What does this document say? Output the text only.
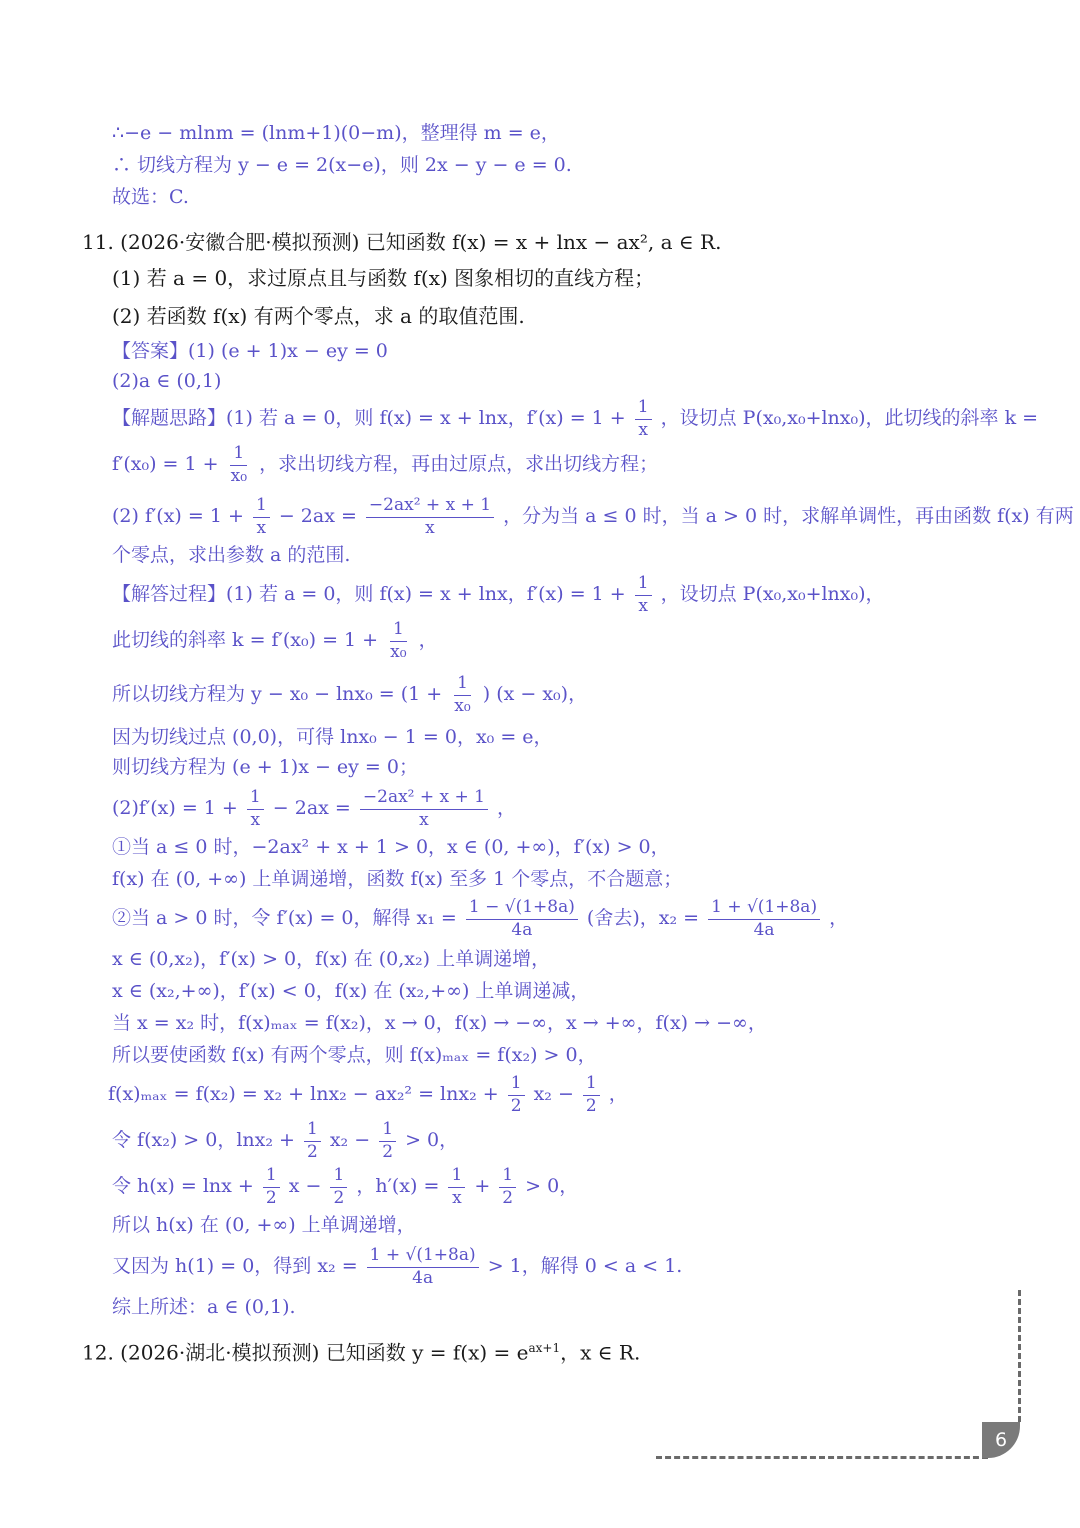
∴−e − mlnm = (lnm+1)(0−m)，整理得 m = e，
∴ 切线方程为 y − e = 2(x−e)，则 2x − y − e = 0.
故选：C.
11. (2026·安徽合肥·模拟预测) 已知函数 f(x) = x + lnx − ax², a ∈ R.
(1) 若 a = 0，求过原点且与函数 f(x) 图象相切的直线方程；
(2) 若函数 f(x) 有两个零点，求 a 的取值范围.
【答案】(1) (e + 1)x − ey = 0
(2)a ∈ (0,1)
【解题思路】(1) 若 a = 0，则 f(x) = x + lnx，$f'(x) = 1 + \frac{1}{x}$ ，设切点 P(x₀,x₀+lnx₀)，此切线的斜率 k =
$f'(x_0) = 1 + \frac{1}{\text{x₀}}$ ，求出切线方程，再由过原点，求出切线方程；
(2) $f'(x) = 1 + \frac{1}{x} - 2ax = \frac{\text{−2ax² + x + 1}}{x}$ ，分为当 a ≤ 0 时，当 a > 0 时，求解单调性，再由函数 f(x) 有两
个零点，求出参数 a 的范围.
【解答过程】(1) 若 a = 0，则 f(x) = x + lnx，$f'(x) = 1 + \frac{1}{x}$ ，设切点 P(x₀,x₀+lnx₀)，
此切线的斜率 $k = f'(x_0) = 1 + \frac{1}{\text{x₀}}$ ，
所以切线方程为 $y - x_0 - \ln x_0 = (1 + \frac{1}{\text{x₀}}$ ) (x − x₀)，
因为切线过点 (0,0)，可得 lnx₀ − 1 = 0，x₀ = e，
则切线方程为 (e + 1)x − ey = 0；
$(2)f'(x) = 1 + \frac{1}{x} - 2ax = \frac{\text{−2ax² + x + 1}}{x}$ ，
①当 a ≤ 0 时，−2ax² + x + 1 > 0，x ∈ (0, +∞)，f′(x) > 0，
f(x) 在 (0, +∞) 上单调递增，函数 f(x) 至多 1 个零点，不合题意；
②当 a > 0 时，令 f′(x) = 0，解得 $x_1 = \frac{1 - √(1+8a)}{4a}$ (舍去)，$x_2 = \frac{1 + √(1+8a)}{4a}$ ，
x ∈ (0,x₂)，f′(x) > 0，f(x) 在 (0,x₂) 上单调递增，
x ∈ (x₂,+∞)，f′(x) < 0，f(x) 在 (x₂,+∞) 上单调递减，
当 x = x₂ 时，f(x)ₘₐₓ = f(x₂)，x → 0，f(x) → −∞，x → +∞，f(x) → −∞，
所以要使函数 f(x) 有两个零点，则 f(x)ₘₐₓ = f(x₂) > 0，
$f(x)_{max} = f(x_2) = x_2 + \ln x_2 - ax_2^2 = \ln x_2 + \frac{1}{2} x_2 - \frac{1}{2}$ ，
令 f(x₂) > 0，$\ln x_2 + \frac{1}{2} x_2 - \frac{1}{2} > 0$，
令 $h(x) = \ln x + \frac{1}{2}$ $x - \frac{1}{2}$ ，$h'(x) = \frac{1}{x} + \frac{1}{2} > 0$，
所以 h(x) 在 (0, +∞) 上单调递增，
又因为 h(1) = 0，得到 $x_2 = \frac{1 + √(1+8a)}{4a} > 1$，解得 0 < a < 1.
综上所述：a ∈ (0,1).
12. (2026·湖北·模拟预测) 已知函数 $y = f(x) = e^{ax+1}$，x ∈ R.
6
